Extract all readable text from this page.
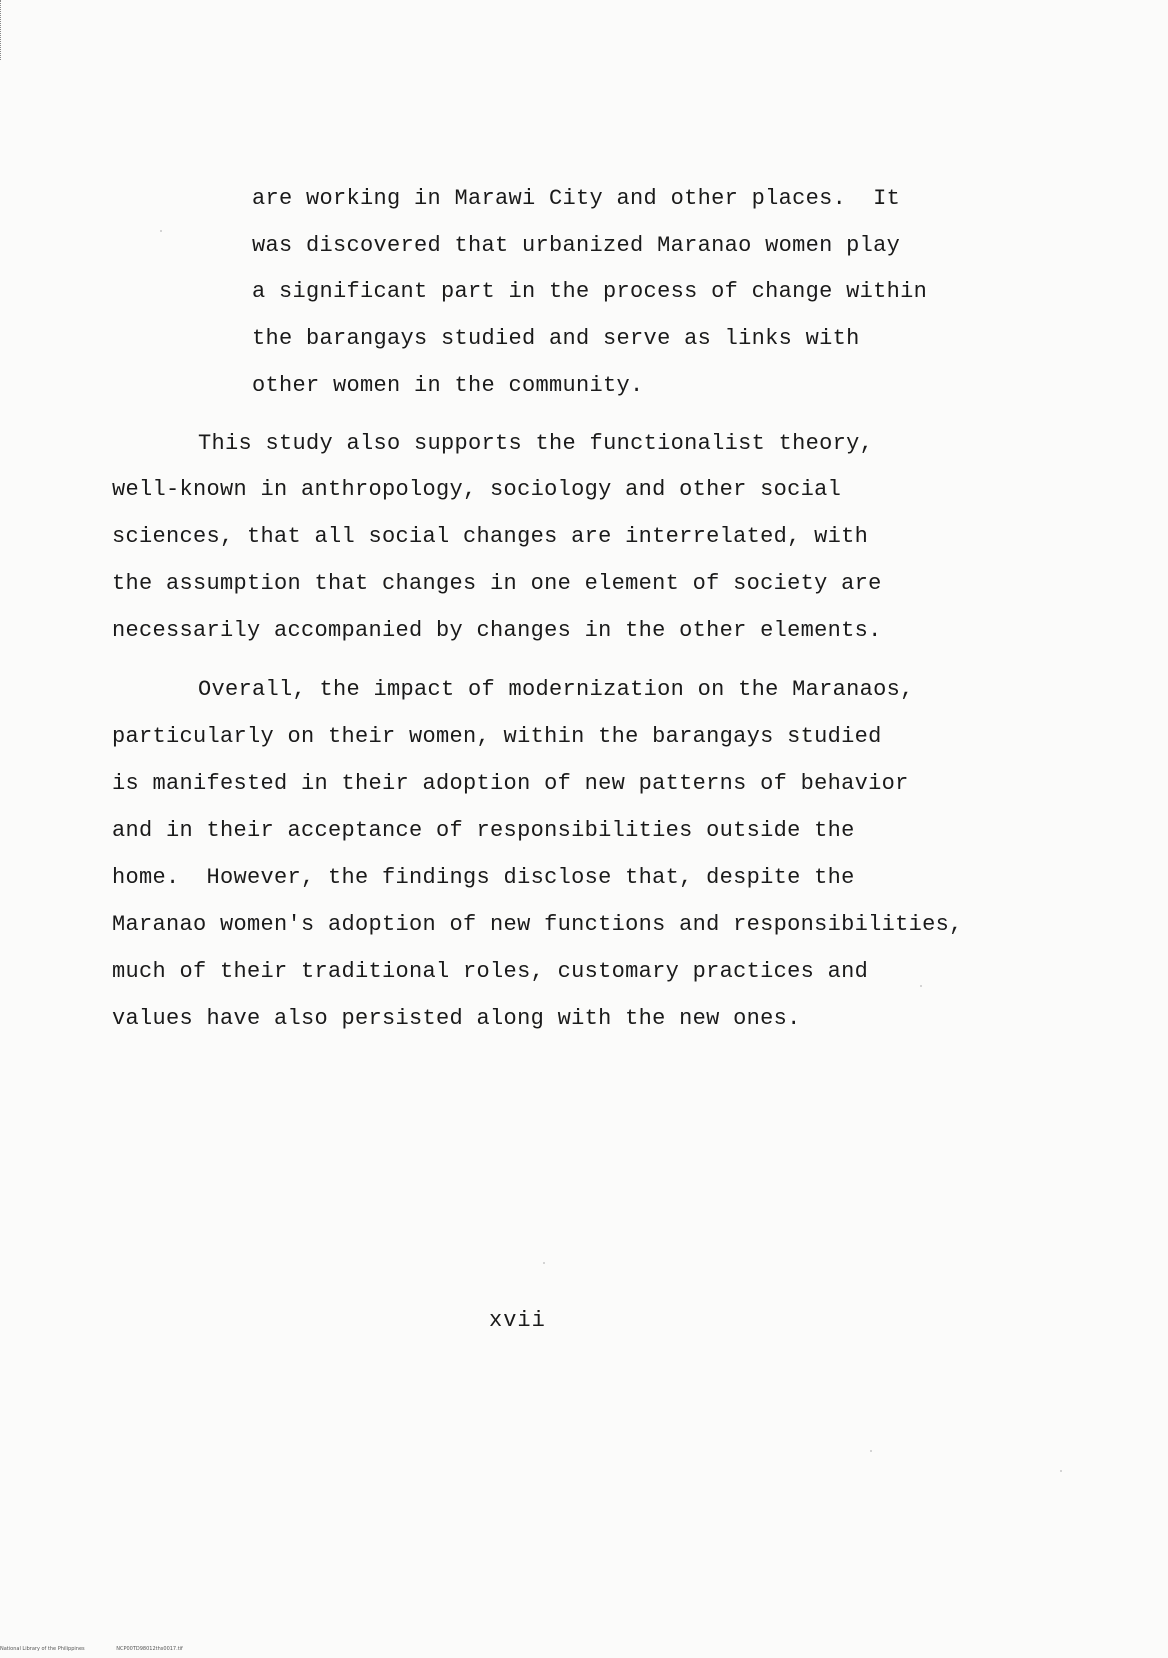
are working in Marawi City and other places.  It
was discovered that urbanized Maranao women play
a significant part in the process of change within
the barangays studied and serve as links with
other women in the community.
This study also supports the functionalist theory,
well-known in anthropology, sociology and other social
sciences, that all social changes are interrelated, with
the assumption that changes in one element of society are
necessarily accompanied by changes in the other elements.
Overall, the impact of modernization on the Maranaos,
particularly on their women, within the barangays studied
is manifested in their adoption of new patterns of behavior
and in their acceptance of responsibilities outside the
home.  However, the findings disclose that, despite the
Maranao women's adoption of new functions and responsibilities,
much of their traditional roles, customary practices and
values have also persisted along with the new ones.
xvii
National Library of the Philippines	NCP00TD98012ths0017.tif
